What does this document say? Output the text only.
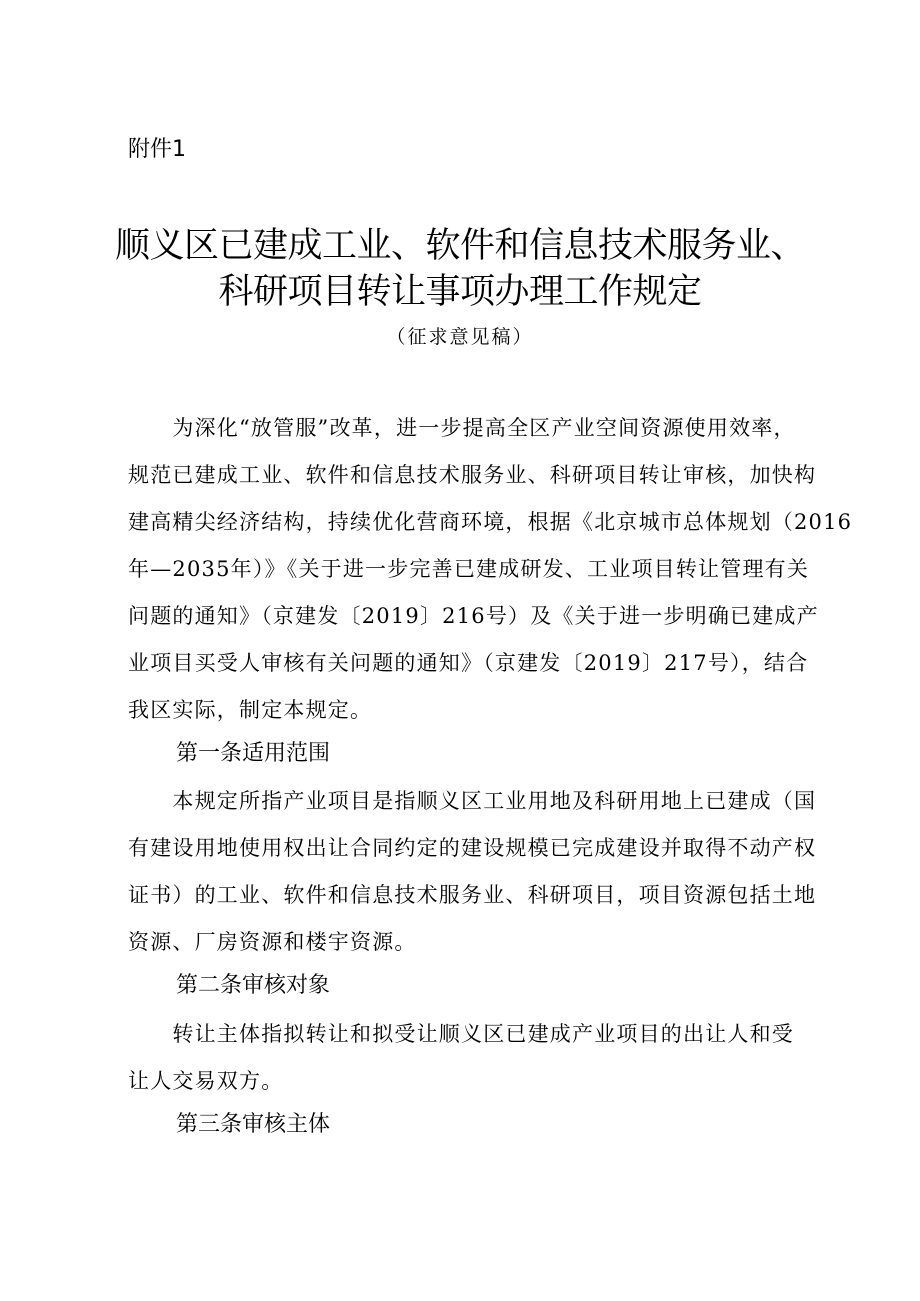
附件1
顺义区已建成工业、软件和信息技术服务业、
科研项目转让事项办理工作规定
（征求意见稿）
　　为深化“放管服”改革，进一步提高全区产业空间资源使用效率，
规范已建成工业、软件和信息技术服务业、科研项目转让审核，加快构
建高精尖经济结构，持续优化营商环境，根据《北京城市总体规划（2016
年—2035年）》《关于进一步完善已建成研发、工业项目转让管理有关
问题的通知》（京建发〔2019〕216号）及《关于进一步明确已建成产
业项目买受人审核有关问题的通知》（京建发〔2019〕217号），结合
我区实际，制定本规定。
第一条适用范围
　　本规定所指产业项目是指顺义区工业用地及科研用地上已建成（国
有建设用地使用权出让合同约定的建设规模已完成建设并取得不动产权
证书）的工业、软件和信息技术服务业、科研项目，项目资源包括土地
资源、厂房资源和楼宇资源。
第二条审核对象
　　转让主体指拟转让和拟受让顺义区已建成产业项目的出让人和受
让人交易双方。
第三条审核主体
